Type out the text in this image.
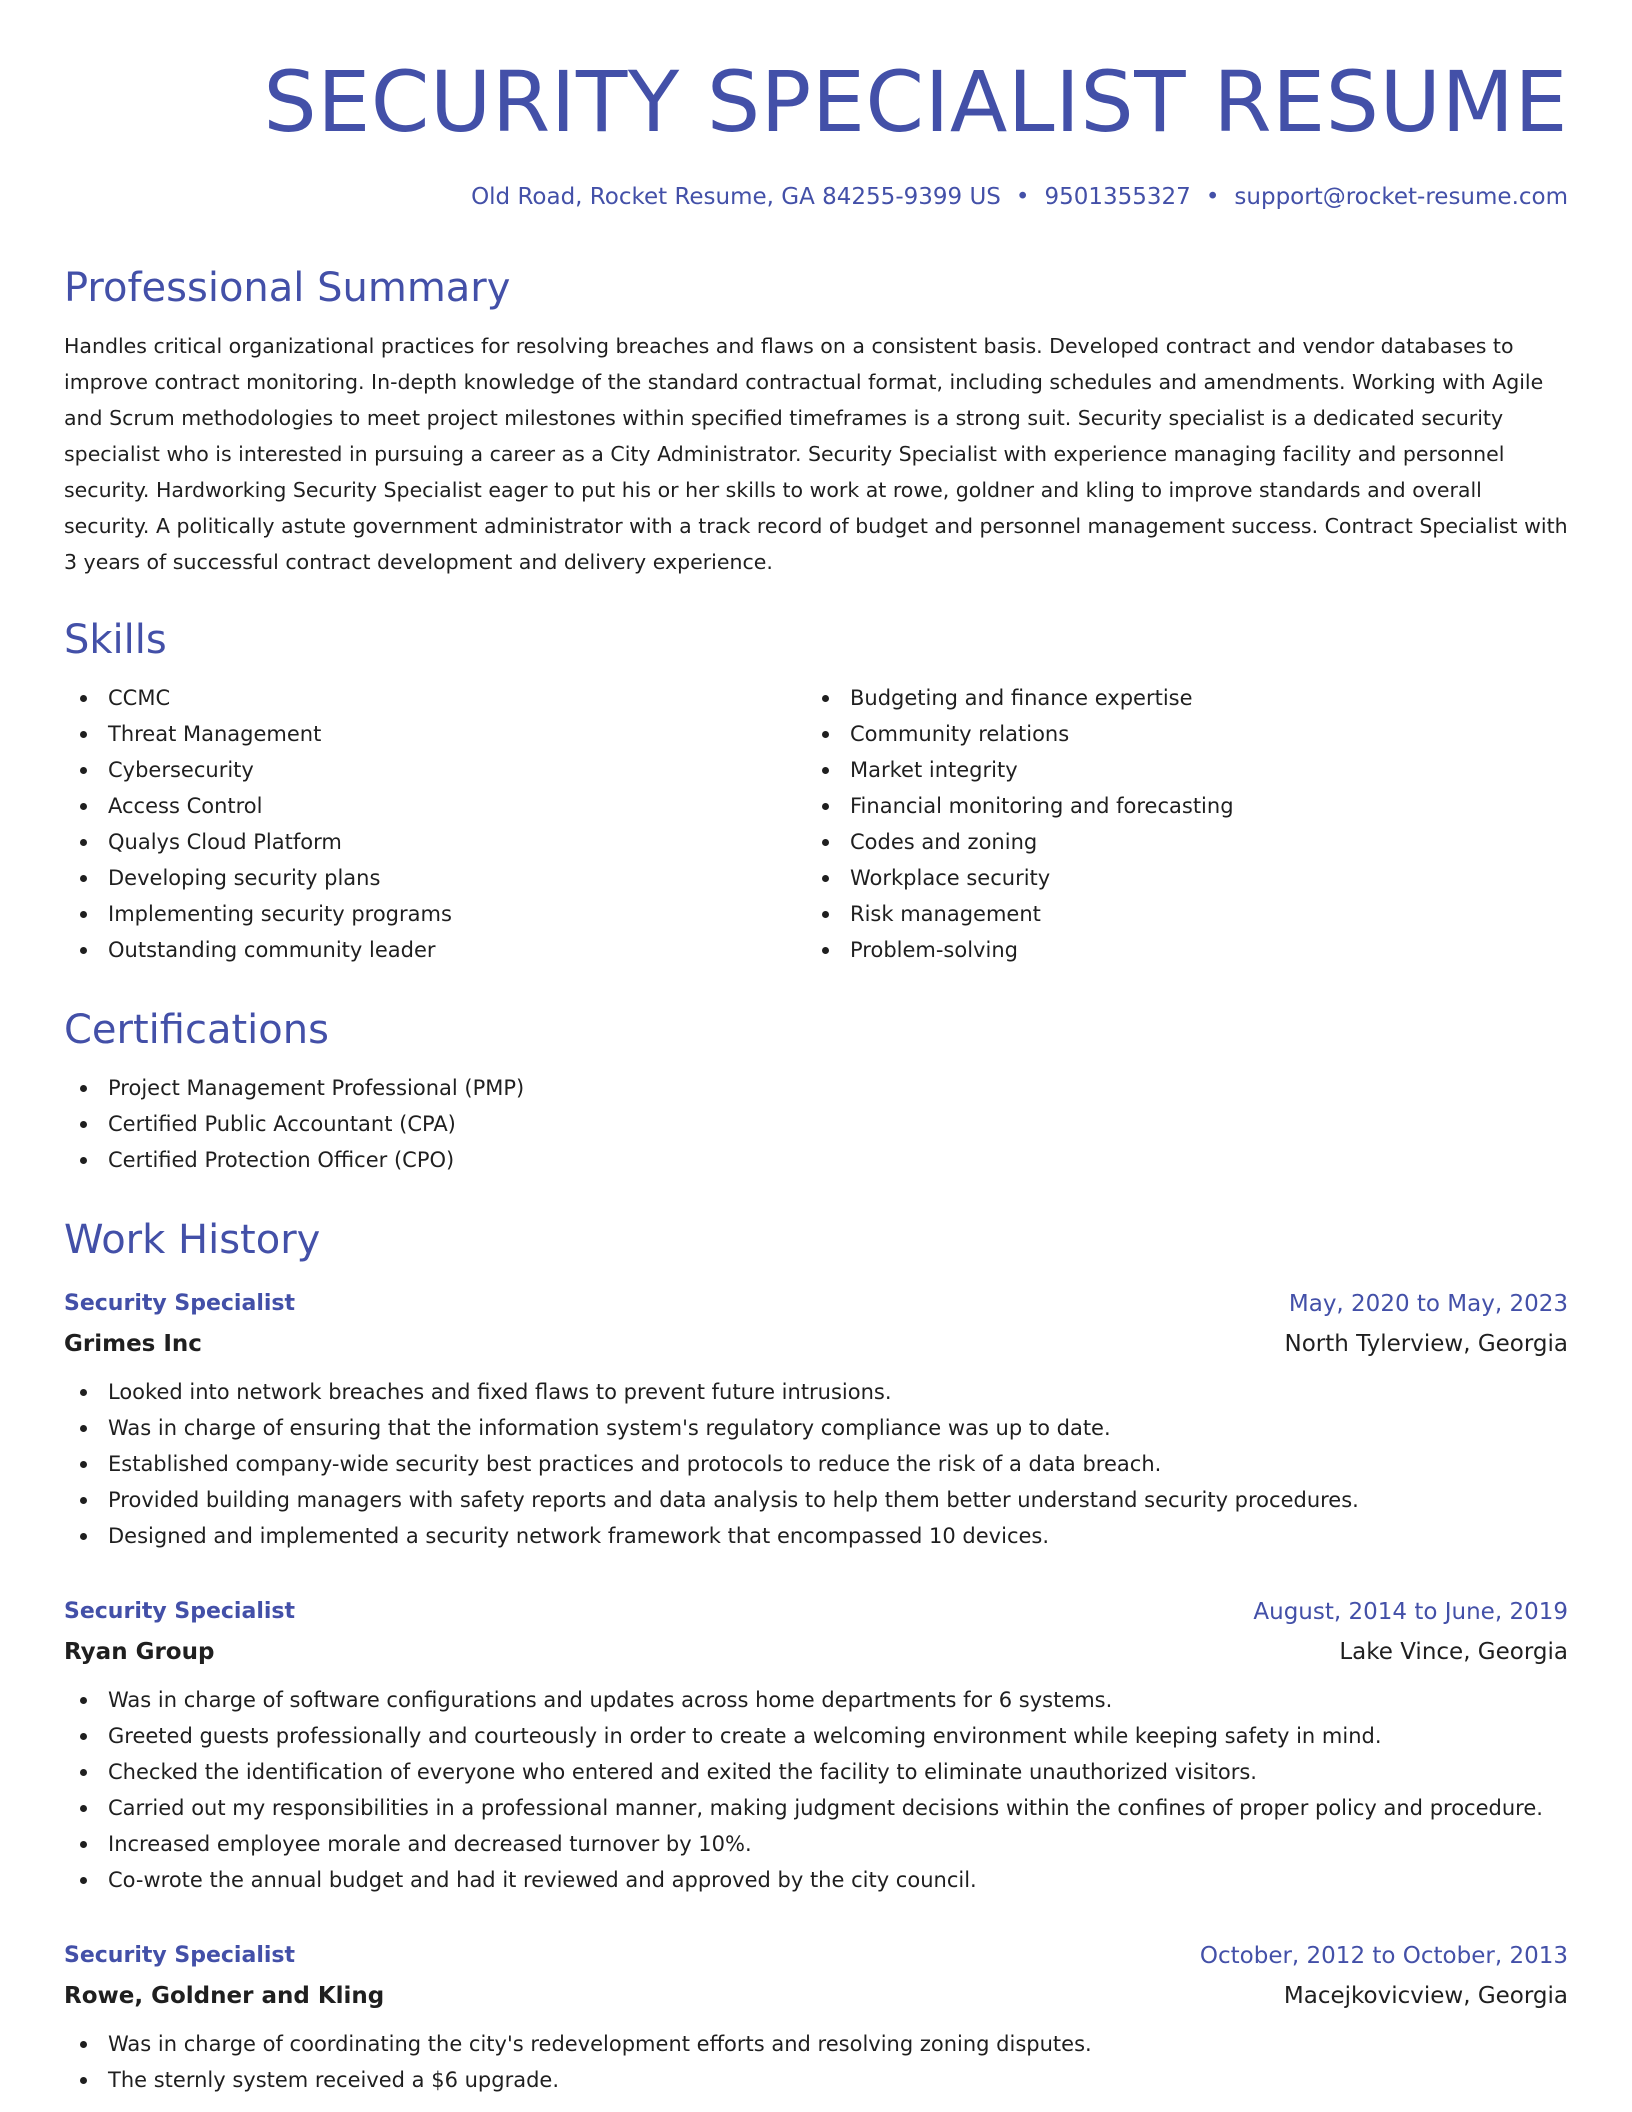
SECURITY SPECIALIST RESUME
Old Road, Rocket Resume, GA 84255-9399 US • 9501355327 • support@rocket-resume.com
Professional Summary

Handles critical organizational practices for resolving breaches and flaws on a consistent basis. Developed contract and vendor databases to improve contract monitoring. In-depth knowledge of the standard contractual format, including schedules and amendments. Working with Agile and Scrum methodologies to meet project milestones within specified timeframes is a strong suit. Security specialist is a dedicated security specialist who is interested in pursuing a career as a City Administrator. Security Specialist with experience managing facility and personnel security. Hardworking Security Specialist eager to put his or her skills to work at rowe, goldner and kling to improve standards and overall security. A politically astute government administrator with a track record of budget and personnel management success. Contract Specialist with 3 years of successful contract development and delivery experience.

Skills
CCMC
Threat Management
Cybersecurity
Access Control
Qualys Cloud Platform
Developing security plans
Implementing security programs
Outstanding community leader
Budgeting and finance expertise
Community relations
Market integrity
Financial monitoring and forecasting
Codes and zoning
Workplace security
Risk management
Problem-solving
Certifications
Project Management Professional (PMP)
Certified Public Accountant (CPA)
Certified Protection Officer (CPO)
Work History
Security Specialist	May, 2020 to May, 2023
Grimes Inc	North Tylerview, Georgia
Looked into network breaches and fixed flaws to prevent future intrusions.
Was in charge of ensuring that the information system's regulatory compliance was up to date.
Established company-wide security best practices and protocols to reduce the risk of a data breach.
Provided building managers with safety reports and data analysis to help them better understand security procedures.
Designed and implemented a security network framework that encompassed 10 devices.
Security Specialist	August, 2014 to June, 2019
Ryan Group	Lake Vince, Georgia
Was in charge of software configurations and updates across home departments for 6 systems.
Greeted guests professionally and courteously in order to create a welcoming environment while keeping safety in mind.
Checked the identification of everyone who entered and exited the facility to eliminate unauthorized visitors.
Carried out my responsibilities in a professional manner, making judgment decisions within the confines of proper policy and procedure.
Increased employee morale and decreased turnover by 10%.
Co-wrote the annual budget and had it reviewed and approved by the city council.
Security Specialist	October, 2012 to October, 2013
Rowe, Goldner and Kling	Macejkovicview, Georgia
Was in charge of coordinating the city's redevelopment efforts and resolving zoning disputes.
The sternly system received a $6 upgrade.
